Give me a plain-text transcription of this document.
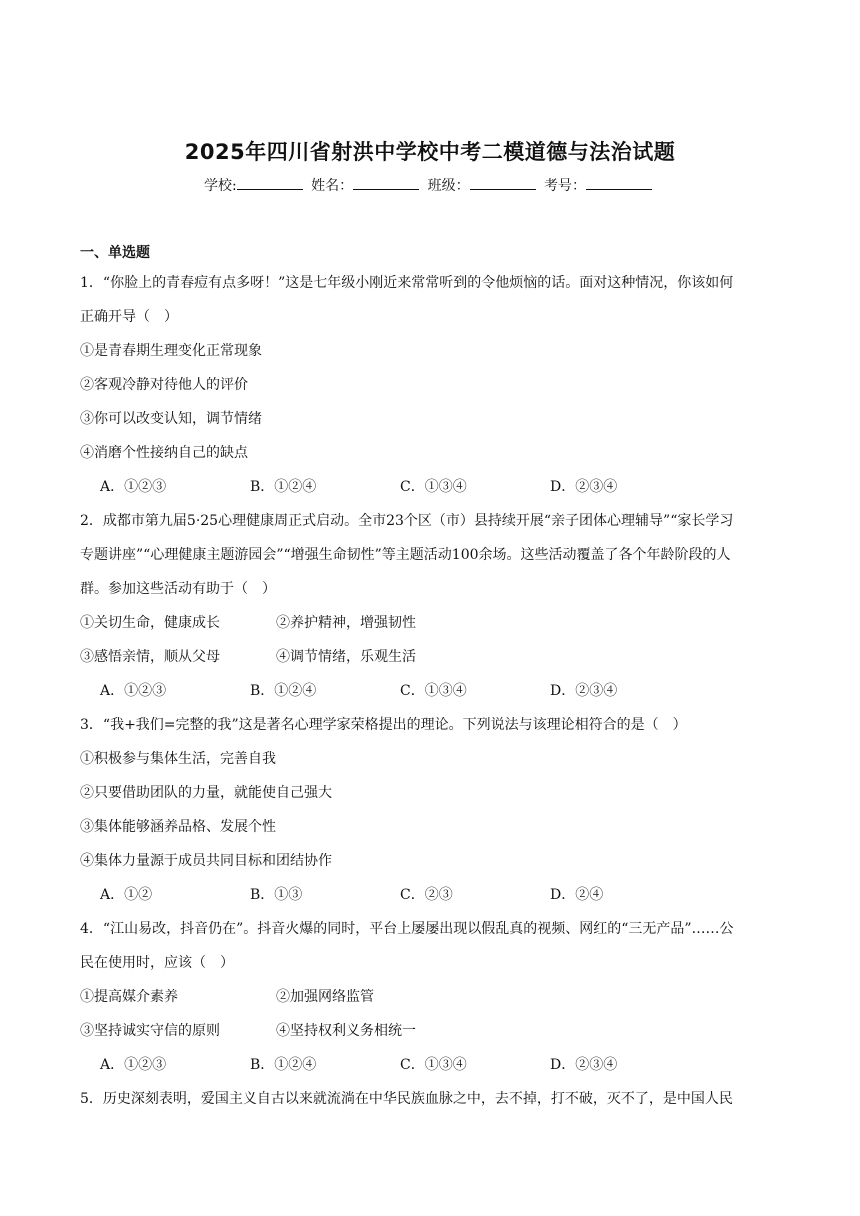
2025年四川省射洪中学校中考二模道德与法治试题
学校:	姓名：	班级：	考号：
一、单选题
1．“你脸上的青春痘有点多呀！”这是七年级小刚近来常常听到的令他烦恼的话。面对这种情况，你该如何
正确开导（　）
①是青春期生理变化正常现象
②客观冷静对待他人的评价
③你可以改变认知，调节情绪
④消磨个性接纳自己的缺点
A．①②③	B．①②④	C．①③④	D．②③④
2．成都市第九届5·25心理健康周正式启动。全市23个区（市）县持续开展“亲子团体心理辅导”“家长学习
专题讲座”“心理健康主题游园会”“增强生命韧性”等主题活动100余场。这些活动覆盖了各个年龄阶段的人
群。参加这些活动有助于（　）
①关切生命，健康成长	②养护精神，增强韧性
③感悟亲情，顺从父母	④调节情绪，乐观生活
A．①②③	B．①②④	C．①③④	D．②③④
3．“我+我们=完整的我”这是著名心理学家荣格提出的理论。下列说法与该理论相符合的是（　）
①积极参与集体生活，完善自我
②只要借助团队的力量，就能使自己强大
③集体能够涵养品格、发展个性
④集体力量源于成员共同目标和团结协作
A．①②	B．①③	C．②③	D．②④
4．“江山易改，抖音仍在”。抖音火爆的同时，平台上屡屡出现以假乱真的视频、网红的“三无产品”……公
民在使用时，应该（　）
①提高媒介素养	②加强网络监管
③坚持诚实守信的原则	④坚持权利义务相统一
A．①②③	B．①②④	C．①③④	D．②③④
5．历史深刻表明，爱国主义自古以来就流淌在中华民族血脉之中，去不掉，打不破，灭不了，是中国人民
